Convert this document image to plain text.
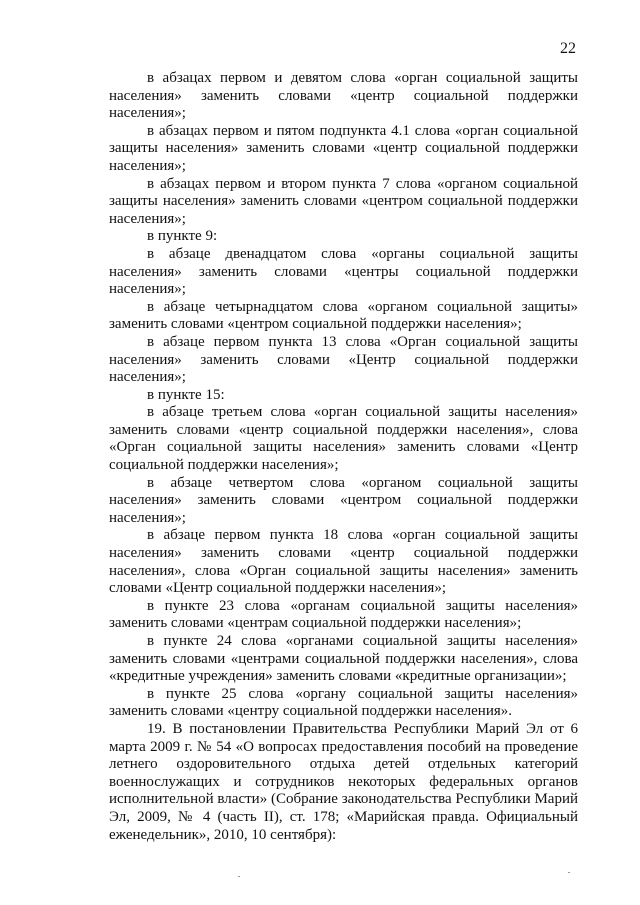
22

в абзацах первом и девятом слова «орган социальной защиты населения» заменить словами «центр социальной поддержки населения»;

в абзацах первом и пятом подпункта 4.1 слова «орган социальной защиты населения» заменить словами «центр социальной поддержки населения»;

в абзацах первом и втором пункта 7 слова «органом социальной защиты населения» заменить словами «центром социальной поддержки населения»;

в пункте 9:

в абзаце двенадцатом слова «органы социальной защиты населения» заменить словами «центры социальной поддержки населения»;

в абзаце четырнадцатом слова «органом социальной защиты» заменить словами «центром социальной поддержки населения»;

в абзаце первом пункта 13 слова «Орган социальной защиты населения» заменить словами «Центр социальной поддержки населения»;

в пункте 15:

в абзаце третьем слова «орган социальной защиты населения» заменить словами «центр социальной поддержки населения», слова «Орган социальной защиты населения» заменить словами «Центр социальной поддержки населения»;

в абзаце четвертом слова «органом социальной защиты населения» заменить словами «центром социальной поддержки населения»;

в абзаце первом пункта 18 слова «орган социальной защиты населения» заменить словами «центр социальной поддержки населения», слова «Орган социальной защиты населения» заменить словами «Центр социальной поддержки населения»;

в пункте 23 слова «органам социальной защиты населения» заменить словами «центрам социальной поддержки населения»;

в пункте 24 слова «органами социальной защиты населения» заменить словами «центрами социальной поддержки населения», слова «кредитные учреждения» заменить словами «кредитные организации»;

в пункте 25 слова «органу социальной защиты населения» заменить словами «центру социальной поддержки населения».

19. В постановлении Правительства Республики Марий Эл от 6 марта 2009 г. № 54 «О вопросах предоставления пособий на проведение летнего оздоровительного отдыха детей отдельных категорий военнослужащих и сотрудников некоторых федеральных органов исполнительной власти» (Собрание законодательства Республики Марий Эл, 2009, № 4 (часть II), ст. 178; «Марийская правда. Официальный еженедельник», 2010, 10 сентября):
